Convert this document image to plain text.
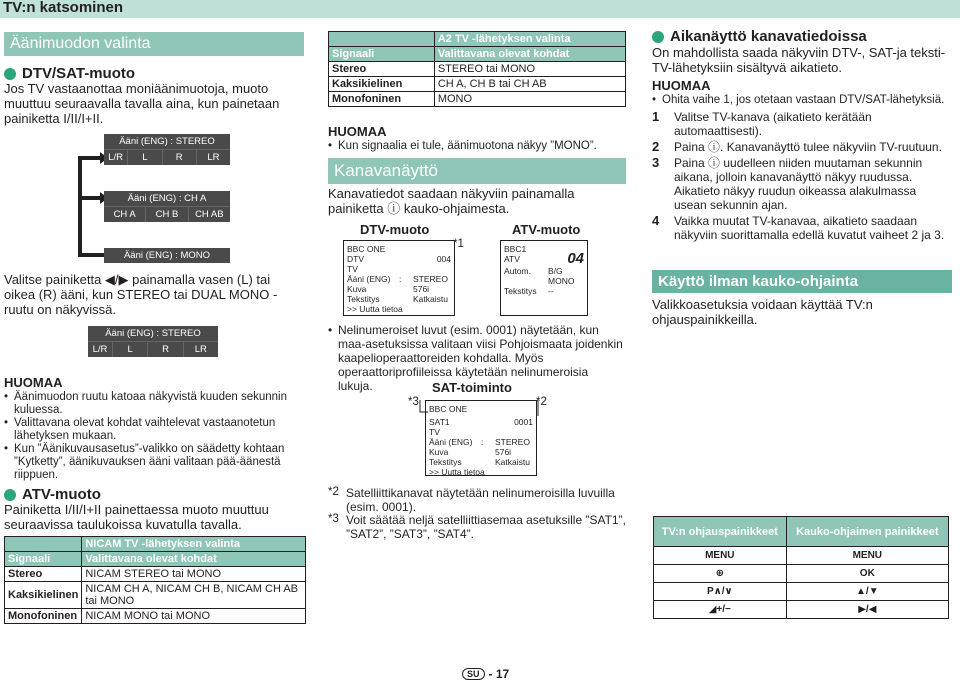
TV:n katsominen
Äänimuodon valinta
DTV/SAT-muoto
Jos TV vastaanottaa moniäänimuotoja, muoto muuttuu seuraavalla tavalla aina, kun painetaan painiketta I/II/I+II.
Ääni (ENG) : STEREO
L/R	L	R	LR
Ääni (ENG) : CH A
CH A	CH B	CH AB
Ääni (ENG) : MONO
Valitse painiketta ◀/▶ painamalla vasen (L) tai oikea (R) ääni, kun STEREO tai DUAL MONO -ruutu on näkyvissä.
Ääni (ENG) : STEREO
L/R	L	R	LR
HUOMAA
• Äänimuodon ruutu katoaa näkyvistä kuuden sekunnin kuluessa.
• Valittavana olevat kohdat vaihtelevat vastaanotetun lähetyksen mukaan.
• Kun ”Äänikuvausasetus”-valikko on säädetty kohtaan ”Kytketty”, äänikuvauksen ääni valitaan pää-äänestä riippuen.
ATV-muoto
Painiketta I/II/I+II painettaessa muoto muuttuu seuraavissa taulukoissa kuvatulla tavalla.
	NICAM TV -lähetyksen valinta
Signaali	Valittavana olevat kohdat
Stereo	NICAM STEREO tai MONO
Kaksikielinen	NICAM CH A, NICAM CH B, NICAM CH AB tai MONO
Monofoninen	NICAM MONO tai MONO
	A2 TV -lähetyksen valinta
Signaali	Valittavana olevat kohdat
Stereo	STEREO tai MONO
Kaksikielinen	CH A, CH B tai CH AB
Monofoninen	MONO
HUOMAA
• Kun signaalia ei tule, äänimuotona näkyy ”MONO”.
Kanavanäyttö
Kanavatiedot saadaan näkyviin painamalla painiketta ⓘ kauko-ohjaimesta.
DTV-muoto	ATV-muoto
BBC ONE
DTV	004
TV
Ääni (ENG)	:	STEREO
Kuva	576i
Tekstitys	Katkaistu
>> Uutta tietoa
*1	BBC1
ATV	04
Autom.	B/G
MONO
Tekstitys	--
• Nelinumeroiset luvut (esim. 0001) näytetään, kun maa-asetuksissa valitaan viisi Pohjoismaata joidenkin kaapelioperaattoreiden kohdalla. Myös operaattoriprofiileissa käytetään nelinumeroisia lukuja.	SAT-toiminto
*3	*2
BBC ONE
SAT1	0001
TV
Ääni (ENG)	:	STEREO
Kuva	576i
Tekstitys	Katkaistu
>> Uutta tietoa
*2 Satelliittikanavat näytetään nelinumeroisilla luvuilla (esim. 0001).
*3 Voit säätää neljä satelliittiasemaa asetuksille ”SAT1”, ”SAT2”, ”SAT3”, ”SAT4”.
Aikanäyttö kanavatiedoissa
On mahdollista saada näkyviin DTV-, SAT-ja teksti-TV-lähetyksiin sisältyvä aikatieto.
HUOMAA
• Ohita vaihe 1, jos otetaan vastaan DTV/SAT-lähetyksiä.
1 Valitse TV-kanava (aikatieto kerätään automaattisesti).
2 Paina ⓘ. Kanavanäyttö tulee näkyviin TV-ruutuun.
3 Paina ⓘ uudelleen niiden muutaman sekunnin aikana, jolloin kanavanäyttö näkyy ruudussa. Aikatieto näkyy ruudun oikeassa alakulmassa usean sekunnin ajan.
4 Vaikka muutat TV-kanavaa, aikatieto saadaan näkyviin suorittamalla edellä kuvatut vaiheet 2 ja 3.
Käyttö ilman kauko-ohjainta
Valikkoasetuksia voidaan käyttää TV:n ohjauspainikkeilla.
TV:n ohjauspainikkeet	Kauko-ohjaimen painikkeet
MENU	MENU
⊕	OK
P∧/∨	▲/▼
◢+/−	▶/◀
SU - 17
